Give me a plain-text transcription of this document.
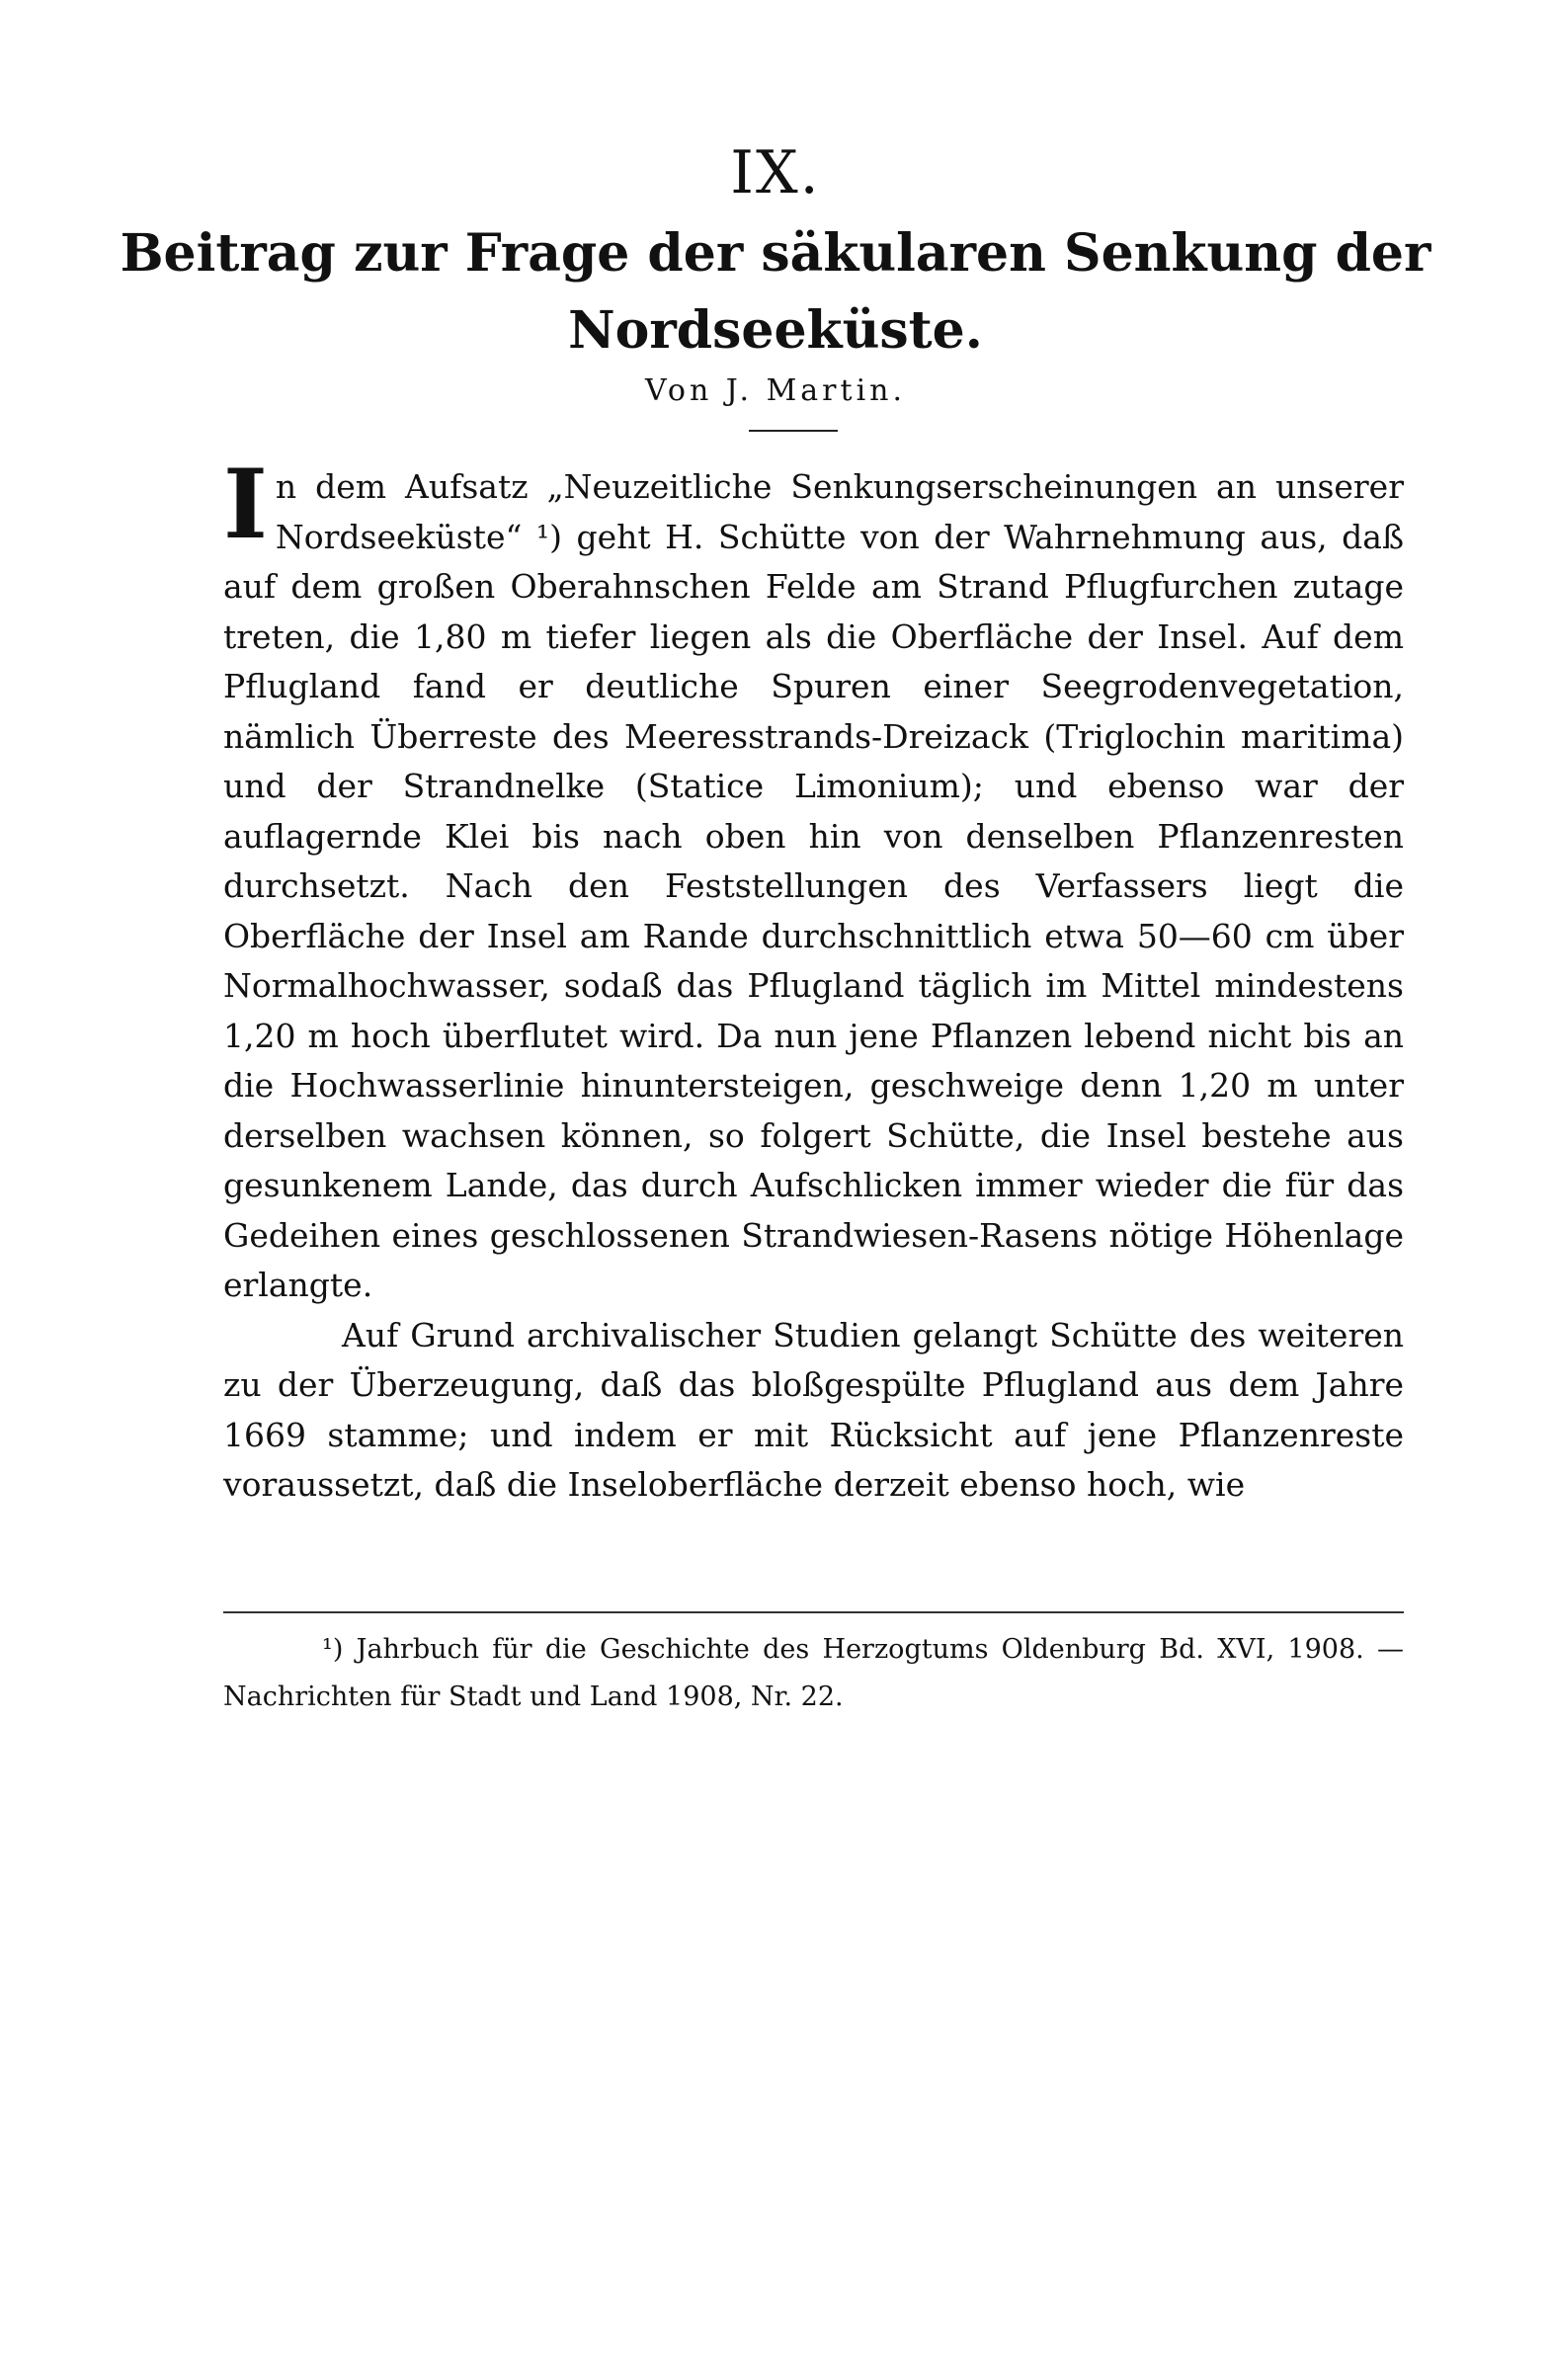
IX.
Beitrag zur Frage der säkularen Senkung der Nordseeküste.
Von J. Martin.

In dem Aufsatz „Neuzeitliche Senkungserscheinungen an unserer Nordseeküste“ ¹) geht H. Schütte von der Wahrnehmung aus, daß auf dem großen Oberahnschen Felde am Strand Pflugfurchen zutage treten, die 1,80 m tiefer liegen als die Oberfläche der Insel. Auf dem Pflugland fand er deutliche Spuren einer Seegrodenvegetation, nämlich Überreste des Meeresstrands-Dreizack (Triglochin maritima) und der Strandnelke (Statice Limonium); und ebenso war der auflagernde Klei bis nach oben hin von denselben Pflanzenresten durchsetzt. Nach den Feststellungen des Verfassers liegt die Oberfläche der Insel am Rande durchschnittlich etwa 50—60 cm über Normalhochwasser, sodaß das Pflugland täglich im Mittel mindestens 1,20 m hoch überflutet wird. Da nun jene Pflanzen lebend nicht bis an die Hochwasserlinie hinuntersteigen, geschweige denn 1,20 m unter derselben wachsen können, so folgert Schütte, die Insel bestehe aus gesunkenem Lande, das durch Aufschlicken immer wieder die für das Gedeihen eines geschlossenen Strandwiesen-Rasens nötige Höhenlage erlangte.

Auf Grund archivalischer Studien gelangt Schütte des weiteren zu der Überzeugung, daß das bloßgespülte Pflugland aus dem Jahre 1669 stamme; und indem er mit Rücksicht auf jene Pflanzenreste voraussetzt, daß die Inseloberfläche derzeit ebenso hoch, wie

¹) Jahrbuch für die Geschichte des Herzogtums Oldenburg Bd. XVI, 1908. — Nachrichten für Stadt und Land 1908, Nr. 22.
